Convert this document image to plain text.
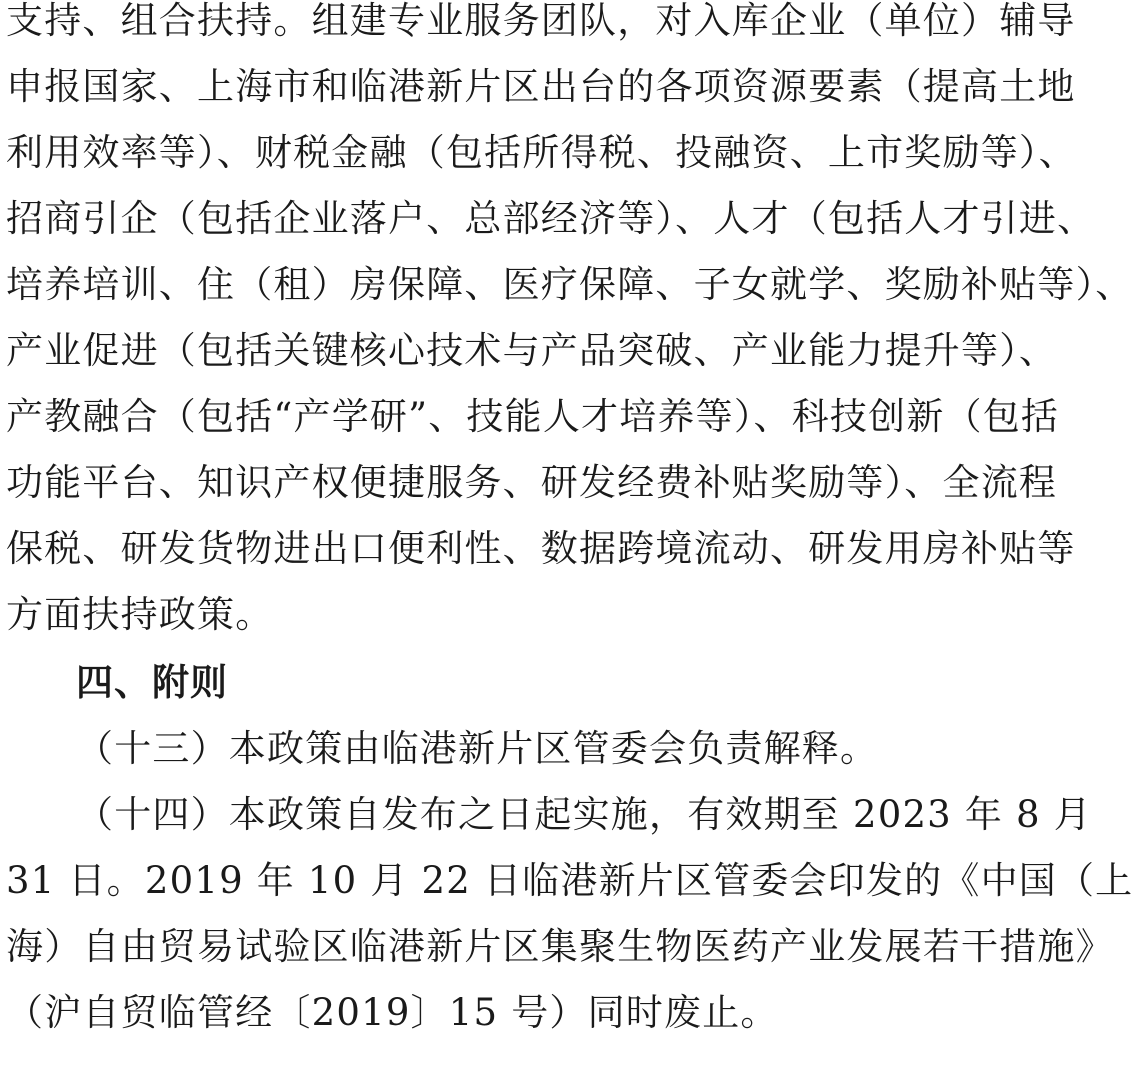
支持、组合扶持。组建专业服务团队，对入库企业（单位）辅导
申报国家、上海市和临港新片区出台的各项资源要素（提高土地
利用效率等）、财税金融（包括所得税、投融资、上市奖励等）、
招商引企（包括企业落户、总部经济等）、人才（包括人才引进、
培养培训、住（租）房保障、医疗保障、子女就学、奖励补贴等）、
产业促进（包括关键核心技术与产品突破、产业能力提升等）、
产教融合（包括“产学研”、技能人才培养等）、科技创新（包括
功能平台、知识产权便捷服务、研发经费补贴奖励等）、全流程
保税、研发货物进出口便利性、数据跨境流动、研发用房补贴等
方面扶持政策。
四、附则
（十三）本政策由临港新片区管委会负责解释。
（十四）本政策自发布之日起实施，有效期至 2023 年 8 月
31 日。2019 年 10 月 22 日临港新片区管委会印发的《中国（上
海）自由贸易试验区临港新片区集聚生物医药产业发展若干措施》
（沪自贸临管经〔2019〕15 号）同时废止。
